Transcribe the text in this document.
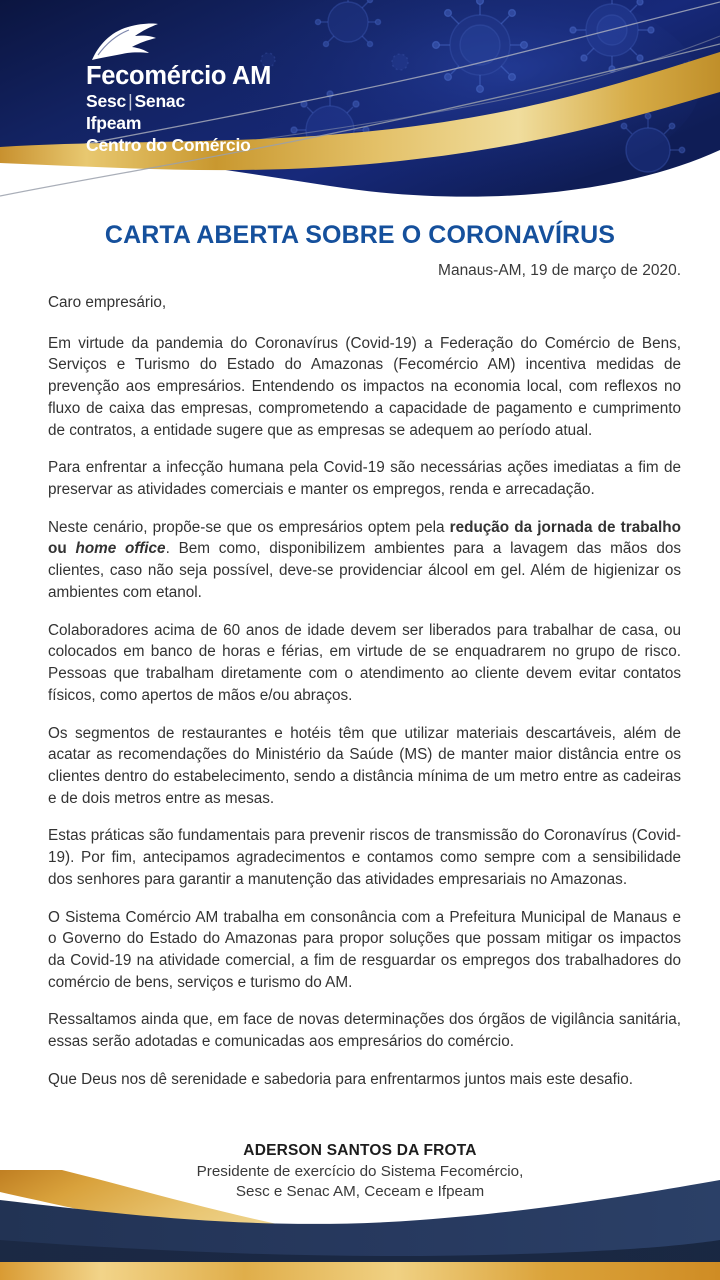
Fecomércio AM
Sesc | Senac
Ifpeam
Centro do Comércio
CARTA ABERTA SOBRE O CORONAVÍRUS
Manaus-AM, 19 de março de 2020.

Caro empresário,

Em virtude da pandemia do Coronavírus (Covid-19) a Federação do Comércio de Bens, Serviços e Turismo do Estado do Amazonas (Fecomércio AM) incentiva medidas de prevenção aos empresários. Entendendo os impactos na economia local, com reflexos no fluxo de caixa das empresas, comprometendo a capacidade de pagamento e cumprimento de contratos, a entidade sugere que as empresas se adequem ao período atual.

Para enfrentar a infecção humana pela Covid-19 são necessárias ações imediatas a fim de preservar as atividades comerciais e manter os empregos, renda e arrecadação.

Neste cenário, propõe-se que os empresários optem pela redução da jornada de trabalho ou home office. Bem como, disponibilizem ambientes para a lavagem das mãos dos clientes, caso não seja possível, deve-se providenciar álcool em gel. Além de higienizar os ambientes com etanol.

Colaboradores acima de 60 anos de idade devem ser liberados para trabalhar de casa, ou colocados em banco de horas e férias, em virtude de se enquadrarem no grupo de risco. Pessoas que trabalham diretamente com o atendimento ao cliente devem evitar contatos físicos, como apertos de mãos e/ou abraços.

Os segmentos de restaurantes e hotéis têm que utilizar materiais descartáveis, além de acatar as recomendações do Ministério da Saúde (MS) de manter maior distância entre os clientes dentro do estabelecimento, sendo a distância mínima de um metro entre as cadeiras e de dois metros entre as mesas.

Estas práticas são fundamentais para prevenir riscos de transmissão do Coronavírus (Covid-19). Por fim, antecipamos agradecimentos e contamos como sempre com a sensibilidade dos senhores para garantir a manutenção das atividades empresariais no Amazonas.

O Sistema Comércio AM trabalha em consonância com a Prefeitura Municipal de Manaus e o Governo do Estado do Amazonas para propor soluções que possam mitigar os impactos da Covid-19 na atividade comercial, a fim de resguardar os empregos dos trabalhadores do comércio de bens, serviços e turismo do AM.

Ressaltamos ainda que, em face de novas determinações dos órgãos de vigilância sanitária, essas serão adotadas e comunicadas aos empresários do comércio.

Que Deus nos dê serenidade e sabedoria para enfrentarmos juntos mais este desafio.

ADERSON SANTOS DA FROTA
Presidente de exercício do Sistema Fecomércio,
Sesc e Senac AM, Ceceam e Ifpeam
